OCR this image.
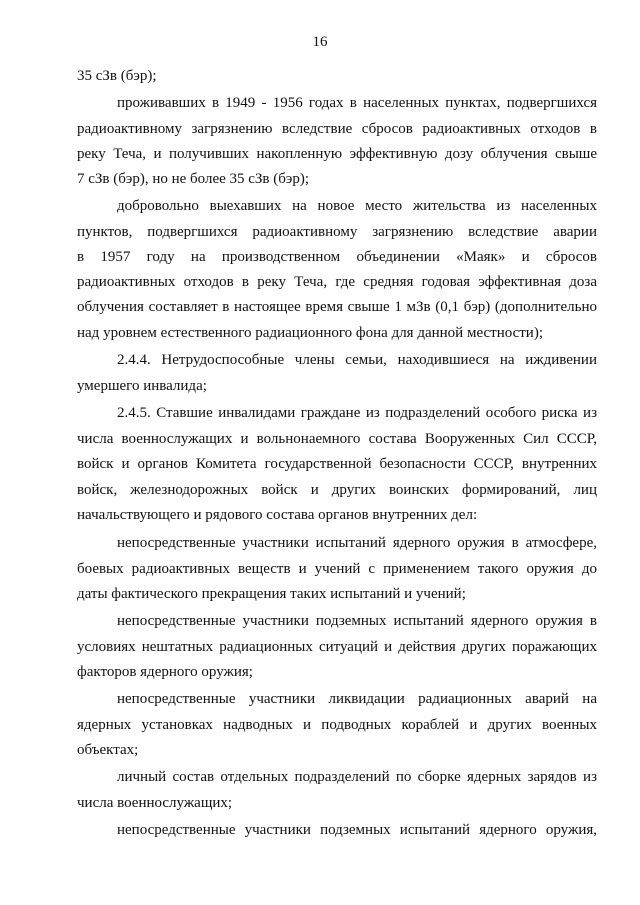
16
35 сЗв (бэр);
проживавших в 1949 - 1956 годах в населенных пунктах, подвергшихся
радиоактивному загрязнению вследствие сбросов радиоактивных отходов в
реку Теча, и получивших накопленную эффективную дозу облучения свыше
7 сЗв (бэр), но не более 35 сЗв (бэр);
добровольно выехавших на новое место жительства из населенных
пунктов, подвергшихся радиоактивному загрязнению вследствие аварии
в 1957 году на производственном объединении «Маяк» и сбросов
радиоактивных отходов в реку Теча, где средняя годовая эффективная доза
облучения составляет в настоящее время свыше 1 мЗв (0,1 бэр) (дополнительно
над уровнем естественного радиационного фона для данной местности);
2.4.4. Нетрудоспособные члены семьи, находившиеся на иждивении
умершего инвалида;
2.4.5. Ставшие инвалидами граждане из подразделений особого риска из
числа военнослужащих и вольнонаемного состава Вооруженных Сил СССР,
войск и органов Комитета государственной безопасности СССР, внутренних
войск, железнодорожных войск и других воинских формирований, лиц
начальствующего и рядового состава органов внутренних дел:
непосредственные участники испытаний ядерного оружия в атмосфере,
боевых радиоактивных веществ и учений с применением такого оружия до
даты фактического прекращения таких испытаний и учений;
непосредственные участники подземных испытаний ядерного оружия в
условиях нештатных радиационных ситуаций и действия других поражающих
факторов ядерного оружия;
непосредственные участники ликвидации радиационных аварий на
ядерных установках надводных и подводных кораблей и других военных
объектах;
личный состав отдельных подразделений по сборке ядерных зарядов из
числа военнослужащих;
непосредственные участники подземных испытаний ядерного оружия,
